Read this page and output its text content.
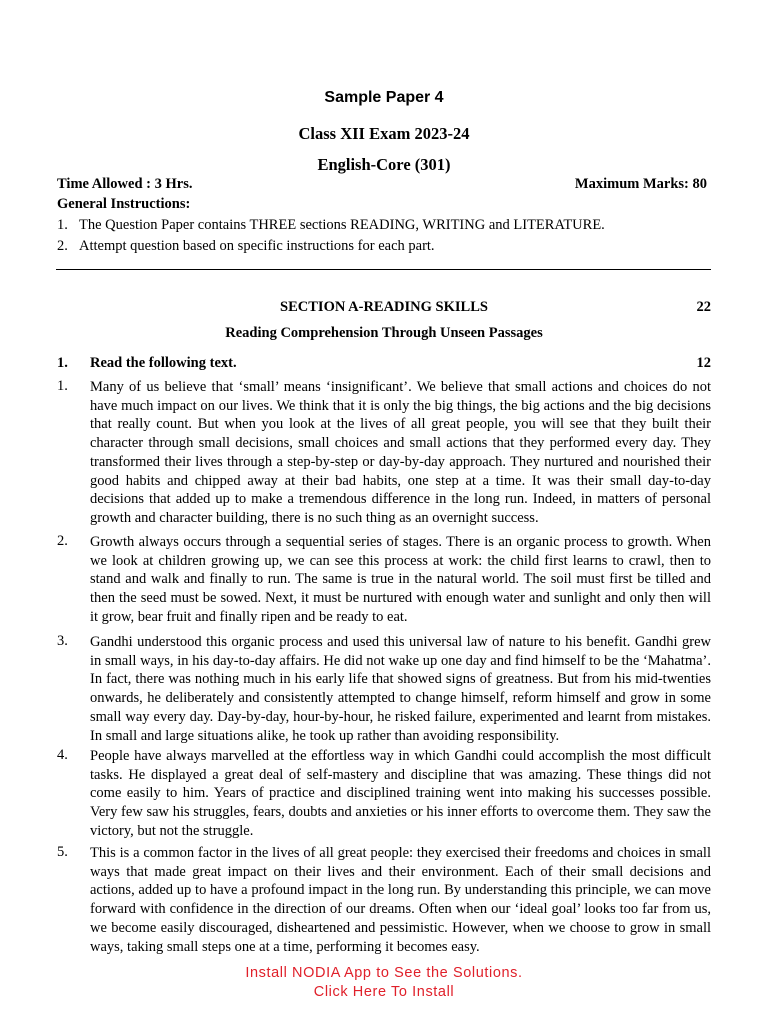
Sample Paper 4
Class XII Exam 2023-24
English-Core (301)
Time Allowed : 3 Hrs.	Maximum Marks: 80
General Instructions:
1. The Question Paper contains THREE sections READING, WRITING and LITERATURE.
2. Attempt question based on specific instructions for each part.
SECTION A-READING SKILLS	22
Reading Comprehension Through Unseen Passages
1. Read the following text.	12
1. Many of us believe that ‘small’ means ‘insignificant’. We believe that small actions and choices do not have much impact on our lives. We think that it is only the big things, the big actions and the big decisions that really count. But when you look at the lives of all great people, you will see that they built their character through small decisions, small choices and small actions that they performed every day. They transformed their lives through a step-by-step or day-by-day approach. They nurtured and nourished their good habits and chipped away at their bad habits, one step at a time. It was their small day-to-day decisions that added up to make a tremendous difference in the long run. Indeed, in matters of personal growth and character building, there is no such thing as an overnight success.
2. Growth always occurs through a sequential series of stages. There is an organic process to growth. When we look at children growing up, we can see this process at work: the child first learns to crawl, then to stand and walk and finally to run. The same is true in the natural world. The soil must first be tilled and then the seed must be sowed. Next, it must be nurtured with enough water and sunlight and only then will it grow, bear fruit and finally ripen and be ready to eat.
3. Gandhi understood this organic process and used this universal law of nature to his benefit. Gandhi grew in small ways, in his day-to-day affairs. He did not wake up one day and find himself to be the ‘Mahatma’. In fact, there was nothing much in his early life that showed signs of greatness. But from his mid-twenties onwards, he deliberately and consistently attempted to change himself, reform himself and grow in some small way every day. Day-by-day, hour-by-hour, he risked failure, experimented and learnt from mistakes. In small and large situations alike, he took up rather than avoiding responsibility.
4. People have always marvelled at the effortless way in which Gandhi could accomplish the most difficult tasks. He displayed a great deal of self-mastery and discipline that was amazing. These things did not come easily to him. Years of practice and disciplined training went into making his successes possible. Very few saw his struggles, fears, doubts and anxieties or his inner efforts to overcome them. They saw the victory, but not the struggle.
5. This is a common factor in the lives of all great people: they exercised their freedoms and choices in small ways that made great impact on their lives and their environment. Each of their small decisions and actions, added up to have a profound impact in the long run. By understanding this principle, we can move forward with confidence in the direction of our dreams. Often when our ‘ideal goal’ looks too far from us, we become easily discouraged, disheartened and pessimistic. However, when we choose to grow in small ways, taking small steps one at a time, performing it becomes easy.
Install NODIA App to See the Solutions.
Click Here To Install
